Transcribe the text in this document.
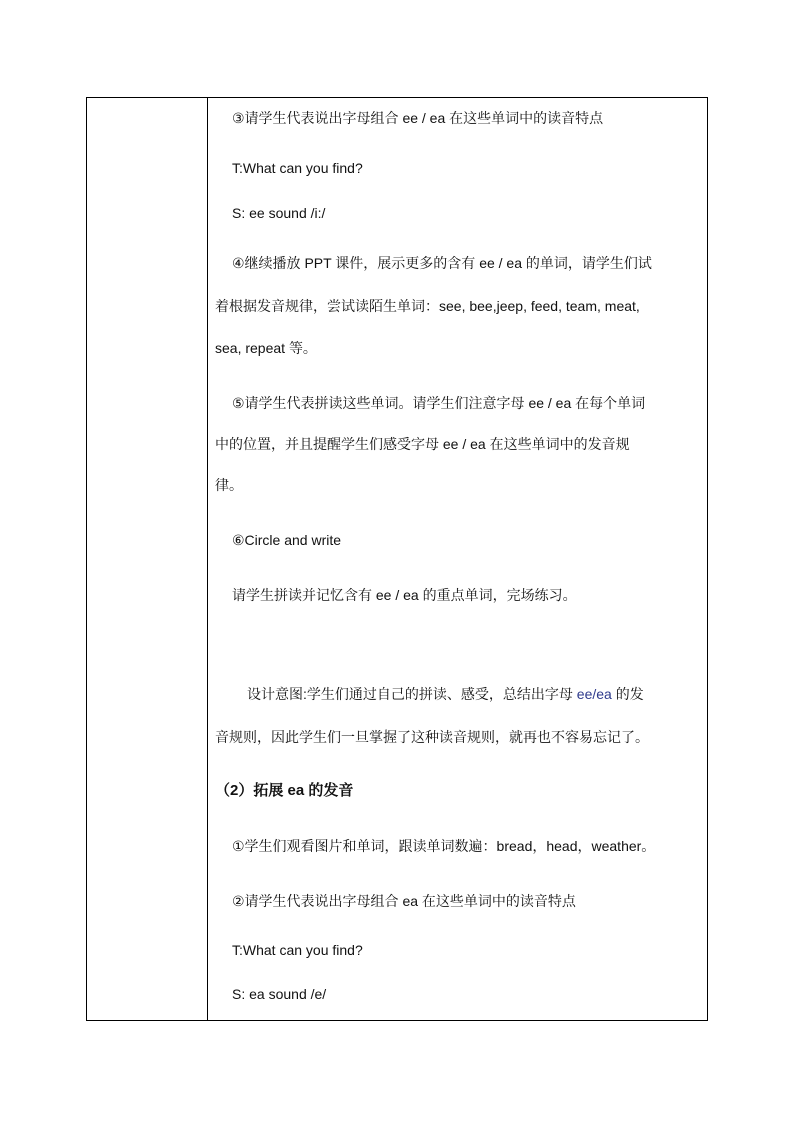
③请学生代表说出字母组合 ee / ea 在这些单词中的读音特点
T:What can you find?
S: ee sound /i:/
④继续播放 PPT 课件，展示更多的含有 ee / ea 的单词，请学生们试
着根据发音规律，尝试读陌生单词：see, bee,jeep, feed, team, meat,
sea, repeat 等。
⑤请学生代表拼读这些单词。请学生们注意字母 ee / ea 在每个单词
中的位置，并且提醒学生们感受字母 ee / ea 在这些单词中的发音规
律。
⑥Circle and write
请学生拼读并记忆含有 ee / ea 的重点单词，完场练习。
设计意图:学生们通过自己的拼读、感受，总结出字母 ee/ea 的发
音规则，因此学生们一旦掌握了这种读音规则，就再也不容易忘记了。
（2）拓展 ea 的发音
①学生们观看图片和单词，跟读单词数遍：bread，head，weather。
②请学生代表说出字母组合 ea 在这些单词中的读音特点
T:What can you find?
S: ea sound /e/
